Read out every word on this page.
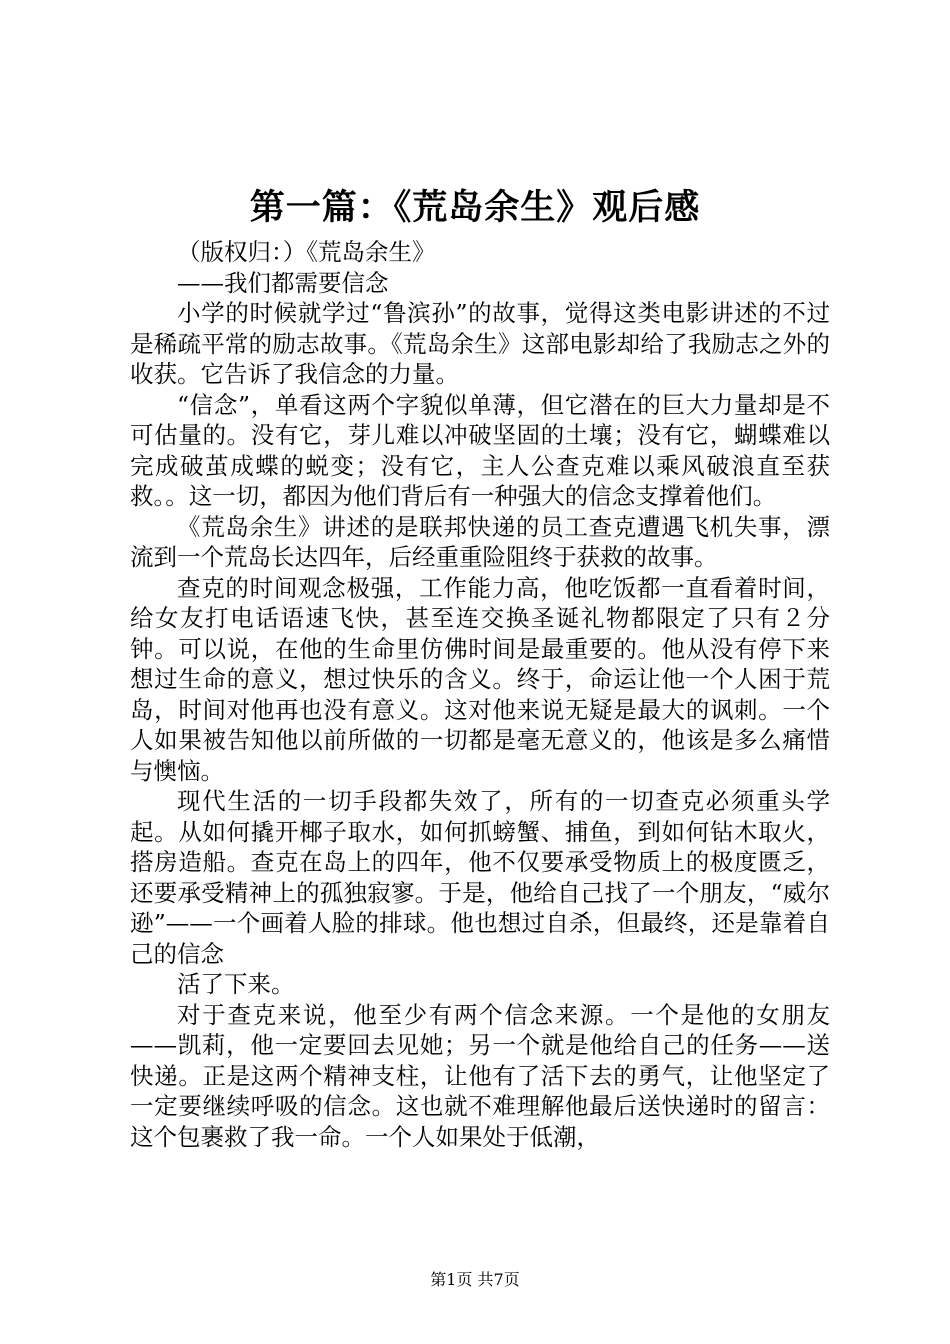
第一篇：《荒岛余生》观后感

（版权归：）《荒岛余生》

——我们都需要信念

小学的时候就学过“鲁滨孙”的故事，觉得这类电影讲述的不过是稀疏平常的励志故事。《荒岛余生》这部电影却给了我励志之外的收获。它告诉了我信念的力量。

“信念”，单看这两个字貌似单薄，但它潜在的巨大力量却是不可估量的。没有它，芽儿难以冲破坚固的土壤；没有它，蝴蝶难以完成破茧成蝶的蜕变；没有它，主人公查克难以乘风破浪直至获救。。这一切，都因为他们背后有一种强大的信念支撑着他们。

《荒岛余生》讲述的是联邦快递的员工查克遭遇飞机失事，漂流到一个荒岛长达四年，后经重重险阻终于获救的故事。

查克的时间观念极强，工作能力高，他吃饭都一直看着时间，给女友打电话语速飞快，甚至连交换圣诞礼物都限定了只有２分钟。可以说，在他的生命里仿佛时间是最重要的。他从没有停下来想过生命的意义，想过快乐的含义。终于，命运让他一个人困于荒岛，时间对他再也没有意义。这对他来说无疑是最大的讽刺。一个人如果被告知他以前所做的一切都是毫无意义的，他该是多么痛惜与懊恼。

现代生活的一切手段都失效了，所有的一切查克必须重头学起。从如何撬开椰子取水，如何抓螃蟹、捕鱼，到如何钻木取火，搭房造船。查克在岛上的四年，他不仅要承受物质上的极度匮乏，还要承受精神上的孤独寂寥。于是，他给自己找了一个朋友，“威尔逊”——一个画着人脸的排球。他也想过自杀，但最终，还是靠着自己的信念

活了下来。

对于查克来说，他至少有两个信念来源。一个是他的女朋友——凯莉，他一定要回去见她；另一个就是他给自己的任务——送快递。正是这两个精神支柱，让他有了活下去的勇气，让他坚定了一定要继续呼吸的信念。这也就不难理解他最后送快递时的留言：这个包裹救了我一命。一个人如果处于低潮，

第1页 共7页
